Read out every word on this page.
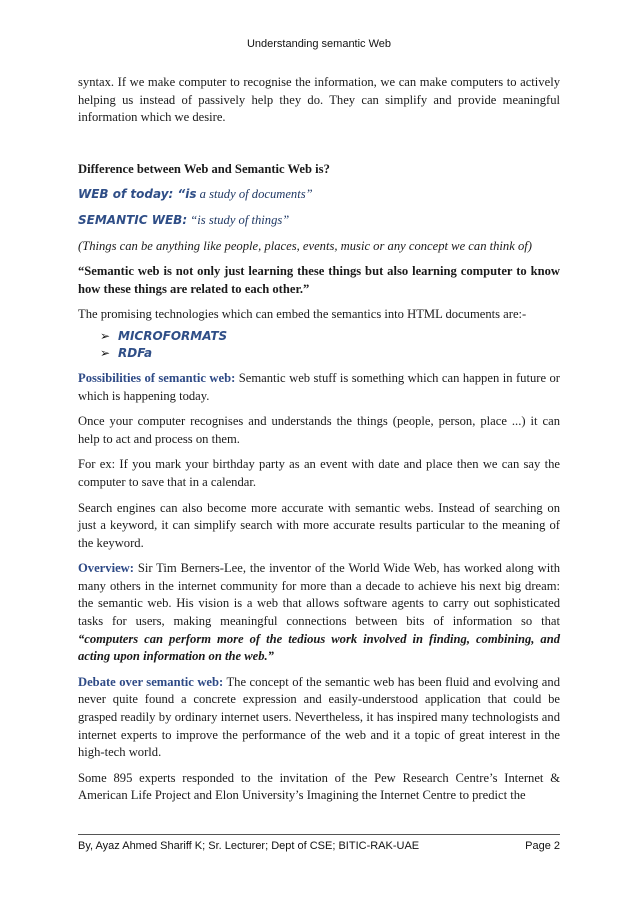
Understanding semantic Web

syntax. If we make computer to recognise the information, we can make computers to actively helping us instead of passively help they do. They can simplify and provide meaningful information which we desire.

Difference between Web and Semantic Web is?

WEB of today: “is a study of documents”

SEMANTIC WEB: “is study of things”

(Things can be anything like people, places, events, music or any concept we can think of)

“Semantic web is not only just learning these things but also learning computer to know how these things are related to each other.”

The promising technologies which can embed the semantics into HTML documents are:-

➢ MICROFORMATS
➢ RDFa

Possibilities of semantic web: Semantic web stuff is something which can happen in future or which is happening today.

Once your computer recognises and understands the things (people, person, place ...) it can help to act and process on them.

For ex: If you mark your birthday party as an event with date and place then we can say the computer to save that in a calendar.

Search engines can also become more accurate with semantic webs. Instead of searching on just a keyword, it can simplify search with more accurate results particular to the meaning of the keyword.

Overview: Sir Tim Berners-Lee, the inventor of the World Wide Web, has worked along with many others in the internet community for more than a decade to achieve his next big dream: the semantic web. His vision is a web that allows software agents to carry out sophisticated tasks for users, making meaningful connections between bits of information so that “computers can perform more of the tedious work involved in finding, combining, and acting upon information on the web.”

Debate over semantic web: The concept of the semantic web has been fluid and evolving and never quite found a concrete expression and easily-understood application that could be grasped readily by ordinary internet users. Nevertheless, it has inspired many technologists and internet experts to improve the performance of the web and it a topic of great interest in the high-tech world.

Some 895 experts responded to the invitation of the Pew Research Centre’s Internet & American Life Project and Elon University’s Imagining the Internet Centre to predict the

By, Ayaz Ahmed Shariff K; Sr. Lecturer; Dept of CSE; BITIC-RAK-UAE	Page 2
